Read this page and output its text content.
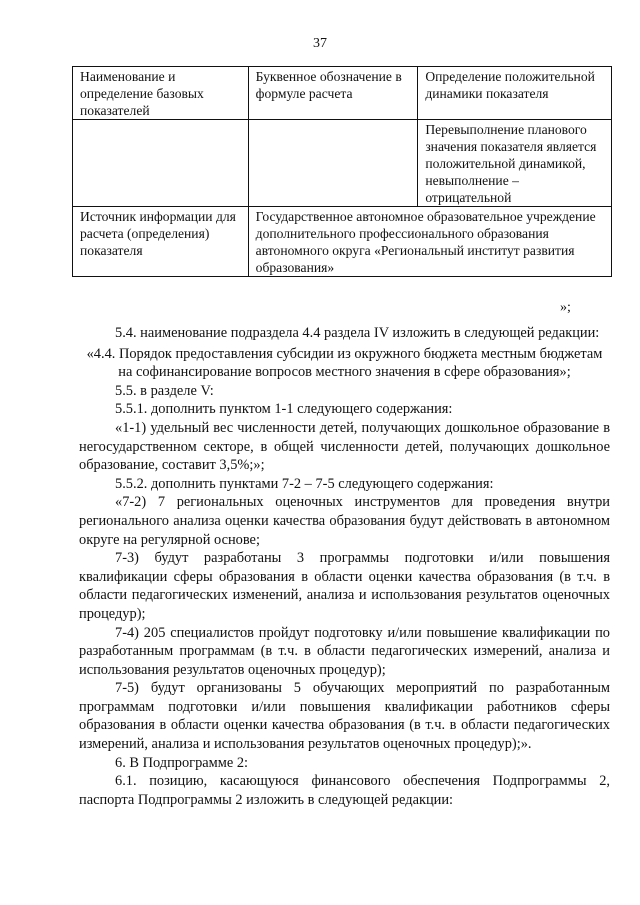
37
Наименование и определение базовых показателей	Буквенное обозначение в формуле расчета	Определение положительной динамики показателя
		Перевыполнение планового значения показателя является положительной динамикой, невыполнение – отрицательной
Источник информации для расчета (определения) показателя	Государственное автономное образовательное учреждение дополнительного профессионального образования автономного округа «Региональный институт развития образования»	
»;

5.4. наименование подраздела 4.4 раздела IV изложить в следующей редакции:

«4.4. Порядок предоставления субсидии из окружного бюджета местным бюджетам на софинансирование вопросов местного значения в сфере образования»;

5.5. в разделе V:

5.5.1. дополнить пунктом 1-1 следующего содержания:

«1-1) удельный вес численности детей, получающих дошкольное образование в негосударственном секторе, в общей численности детей, получающих дошкольное образование, составит 3,5%;»;

5.5.2. дополнить пунктами 7-2 – 7-5 следующего содержания:

«7-2) 7 региональных оценочных инструментов для проведения внутри регионального анализа оценки качества образования будут действовать в автономном округе на регулярной основе;

7-3) будут разработаны 3 программы подготовки и/или повышения квалификации сферы образования в области оценки качества образования (в т.ч. в области педагогических изменений, анализа и использования результатов оценочных процедур);

7-4) 205 специалистов пройдут подготовку и/или повышение квалификации по разработанным программам (в т.ч. в области педагогических измерений, анализа и использования результатов оценочных процедур);

7-5) будут организованы 5 обучающих мероприятий по разработанным программам подготовки и/или повышения квалификации работников сферы образования в области оценки качества образования (в т.ч. в области педагогических измерений, анализа и использования результатов оценочных процедур);».

6. В Подпрограмме 2:

6.1. позицию, касающуюся финансового обеспечения Подпрограммы 2, паспорта Подпрограммы 2 изложить в следующей редакции:
